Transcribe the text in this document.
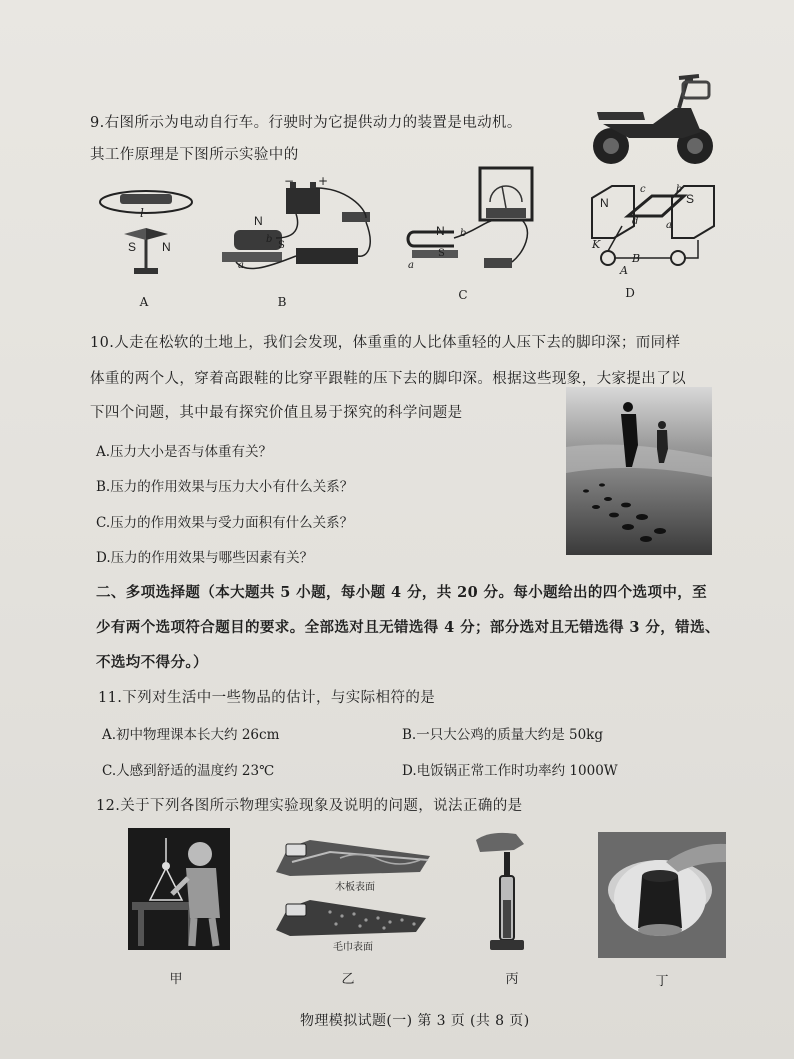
9.右图所示为电动自行车。行驶时为它提供动力的装置是电动机。
其工作原理是下图所示实验中的
l
S N
A
N
S
b
a
+
−
B
N
S
b
a
C
N	S
c	b
d	a
K
B
A
D
10.人走在松软的土地上，我们会发现，体重重的人比体重轻的人压下去的脚印深；而同样
体重的两个人，穿着高跟鞋的比穿平跟鞋的压下去的脚印深。根据这些现象，大家提出了以
下四个问题，其中最有探究价值且易于探究的科学问题是
A.压力大小是否与体重有关？
B.压力的作用效果与压力大小有什么关系？
C.压力的作用效果与受力面积有什么关系？
D.压力的作用效果与哪些因素有关？
二、多项选择题（本大题共 5 小题，每小题 4 分，共 20 分。每小题给出的四个选项中，至
少有两个选项符合题目的要求。全部选对且无错选得 4 分；部分选对且无错选得 3 分，错选、
不选均不得分。）
11.下列对生活中一些物品的估计，与实际相符的是
A.初中物理课本长大约 26cm	B.一只大公鸡的质量大约是 50kg
C.人感到舒适的温度约 23℃	D.电饭锅正常工作时功率约 1000W
12.关于下列各图所示物理实验现象及说明的问题，说法正确的是
甲
木板表面
毛巾表面
乙	丙	丁
物理模拟试题(一) 第 3 页 (共 8 页)
